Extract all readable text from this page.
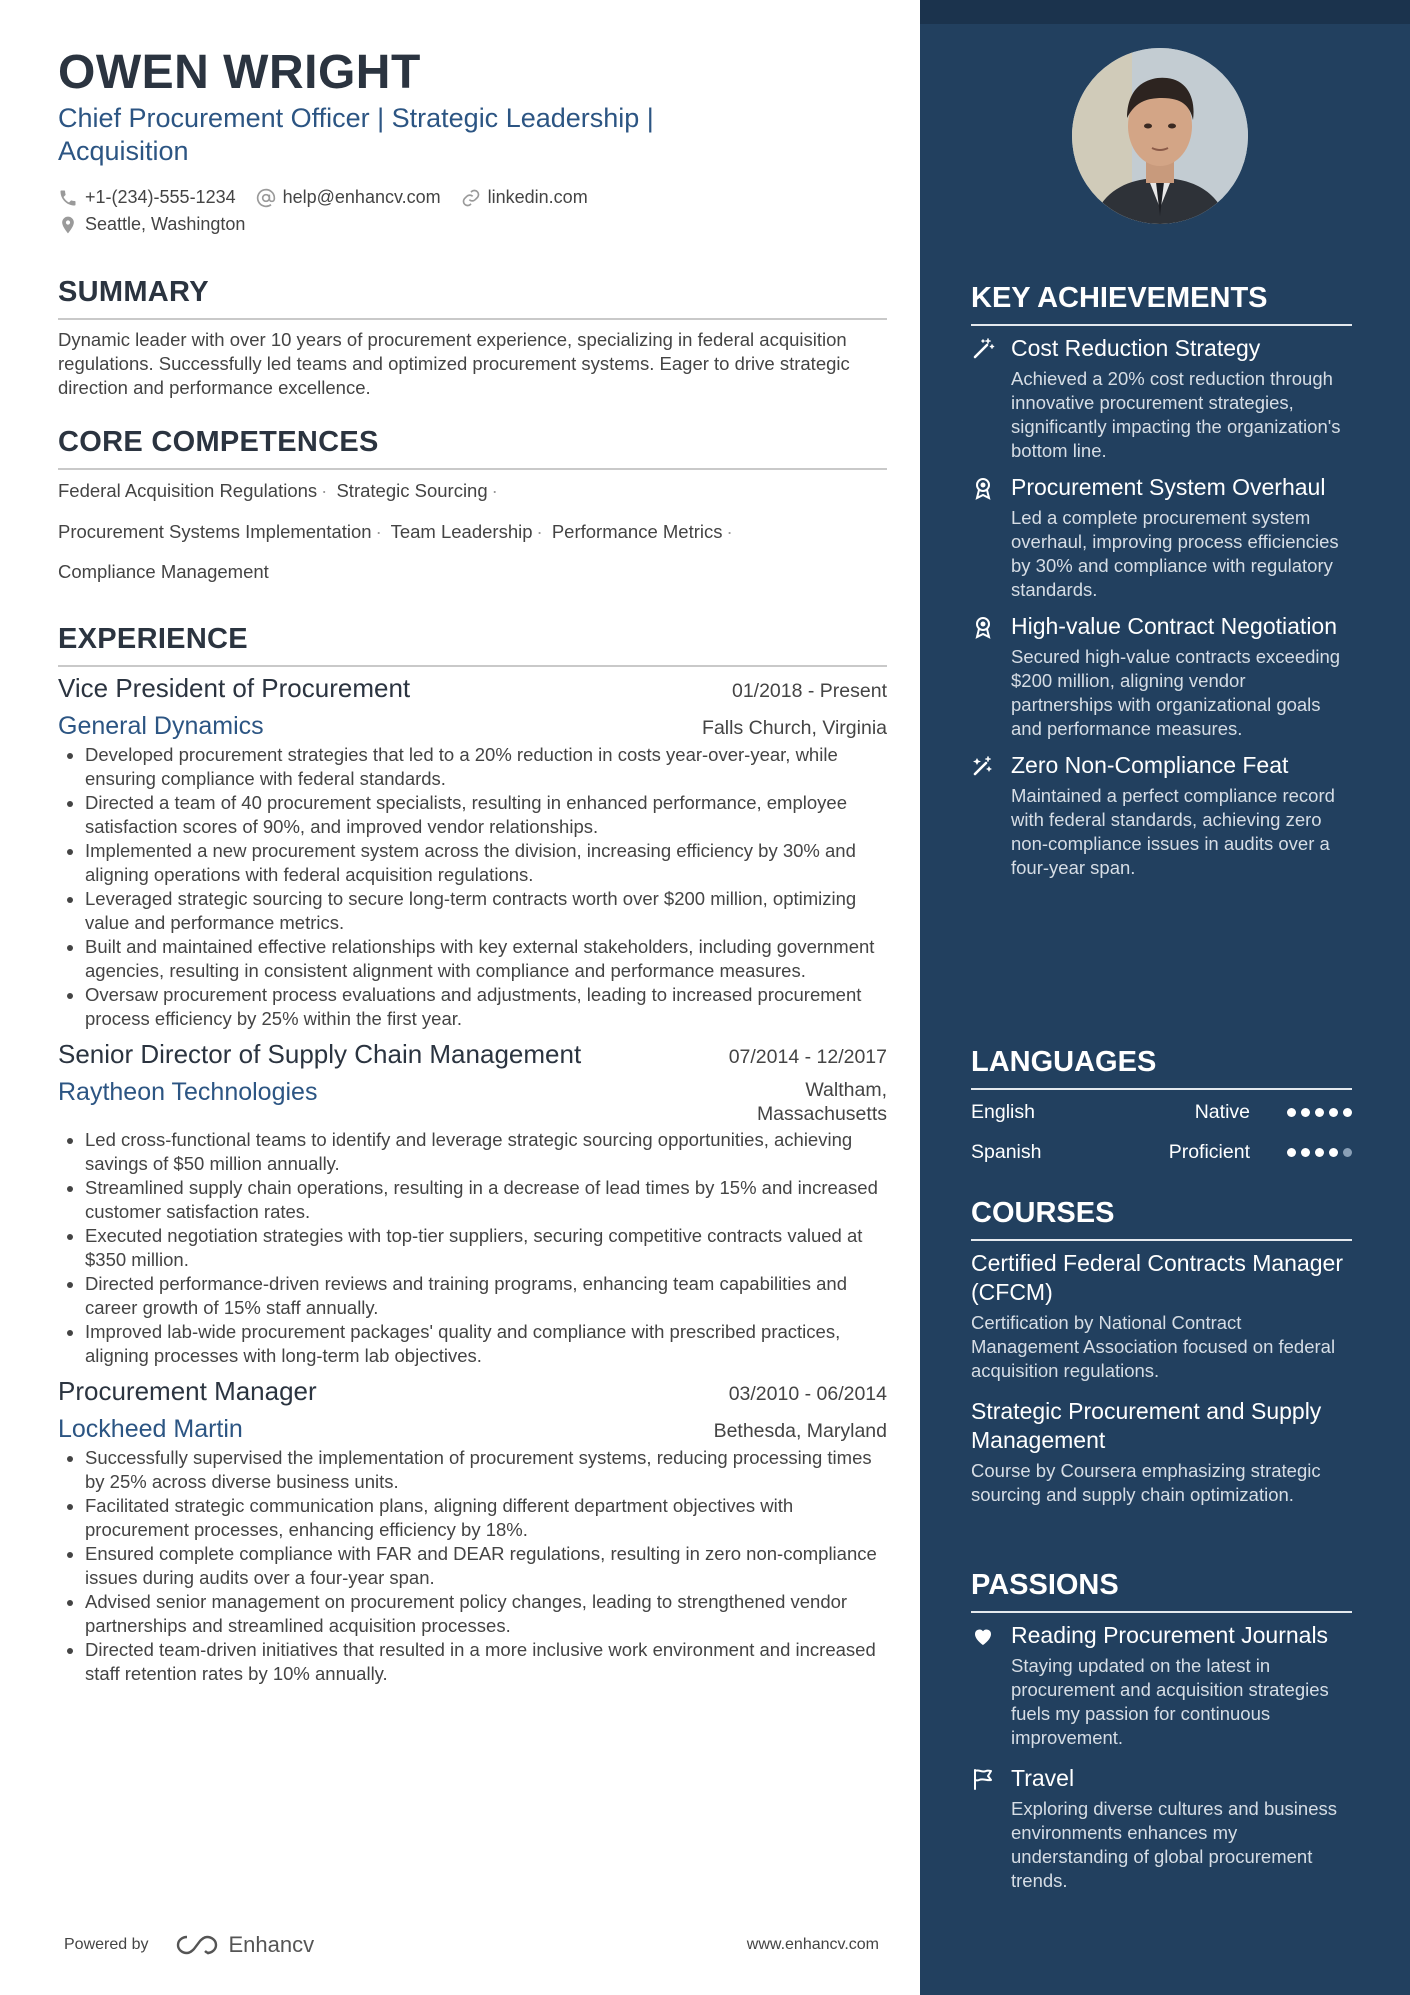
OWEN WRIGHT
Chief Procurement Officer | Strategic Leadership |
Acquisition
+1-(234)-555-1234	help@enhancv.com	linkedin.com
Seattle, Washington
SUMMARY
Dynamic leader with over 10 years of procurement experience, specializing in federal acquisition regulations. Successfully led teams and optimized procurement systems. Eager to drive strategic direction and performance excellence.
CORE COMPETENCES
Federal Acquisition Regulations · Strategic Sourcing ·
Procurement Systems Implementation · Team Leadership · Performance Metrics ·
Compliance Management
EXPERIENCE
Vice President of Procurement	01/2018 - Present
General Dynamics	Falls Church, Virginia
• Developed procurement strategies that led to a 20% reduction in costs year-over-year, while ensuring compliance with federal standards.
• Directed a team of 40 procurement specialists, resulting in enhanced performance, employee satisfaction scores of 90%, and improved vendor relationships.
• Implemented a new procurement system across the division, increasing efficiency by 30% and aligning operations with federal acquisition regulations.
• Leveraged strategic sourcing to secure long-term contracts worth over $200 million, optimizing value and performance metrics.
• Built and maintained effective relationships with key external stakeholders, including government agencies, resulting in consistent alignment with compliance and performance measures.
• Oversaw procurement process evaluations and adjustments, leading to increased procurement process efficiency by 25% within the first year.
Senior Director of Supply Chain Management	07/2014 - 12/2017
Raytheon Technologies	Waltham,
Massachusetts
• Led cross-functional teams to identify and leverage strategic sourcing opportunities, achieving savings of $50 million annually.
• Streamlined supply chain operations, resulting in a decrease of lead times by 15% and increased customer satisfaction rates.
• Executed negotiation strategies with top-tier suppliers, securing competitive contracts valued at $350 million.
• Directed performance-driven reviews and training programs, enhancing team capabilities and career growth of 15% staff annually.
• Improved lab-wide procurement packages' quality and compliance with prescribed practices, aligning processes with long-term lab objectives.
Procurement Manager	03/2010 - 06/2014
Lockheed Martin	Bethesda, Maryland
• Successfully supervised the implementation of procurement systems, reducing processing times by 25% across diverse business units.
• Facilitated strategic communication plans, aligning different department objectives with procurement processes, enhancing efficiency by 18%.
• Ensured complete compliance with FAR and DEAR regulations, resulting in zero non-compliance issues during audits over a four-year span.
• Advised senior management on procurement policy changes, leading to strengthened vendor partnerships and streamlined acquisition processes.
• Directed team-driven initiatives that resulted in a more inclusive work environment and increased staff retention rates by 10% annually.
Powered by	Enhancv	www.enhancv.com
KEY ACHIEVEMENTS
Cost Reduction Strategy
Achieved a 20% cost reduction through innovative procurement strategies, significantly impacting the organization's bottom line.
Procurement System Overhaul
Led a complete procurement system overhaul, improving process efficiencies by 30% and compliance with regulatory standards.
High-value Contract Negotiation
Secured high-value contracts exceeding $200 million, aligning vendor partnerships with organizational goals and performance measures.
Zero Non-Compliance Feat
Maintained a perfect compliance record with federal standards, achieving zero non-compliance issues in audits over a four-year span.
LANGUAGES
English	Native
Spanish	Proficient
COURSES
Certified Federal Contracts Manager (CFCM)
Certification by National Contract Management Association focused on federal acquisition regulations.
Strategic Procurement and Supply Management
Course by Coursera emphasizing strategic sourcing and supply chain optimization.
PASSIONS
Reading Procurement Journals
Staying updated on the latest in procurement and acquisition strategies fuels my passion for continuous improvement.
Travel
Exploring diverse cultures and business environments enhances my understanding of global procurement trends.
